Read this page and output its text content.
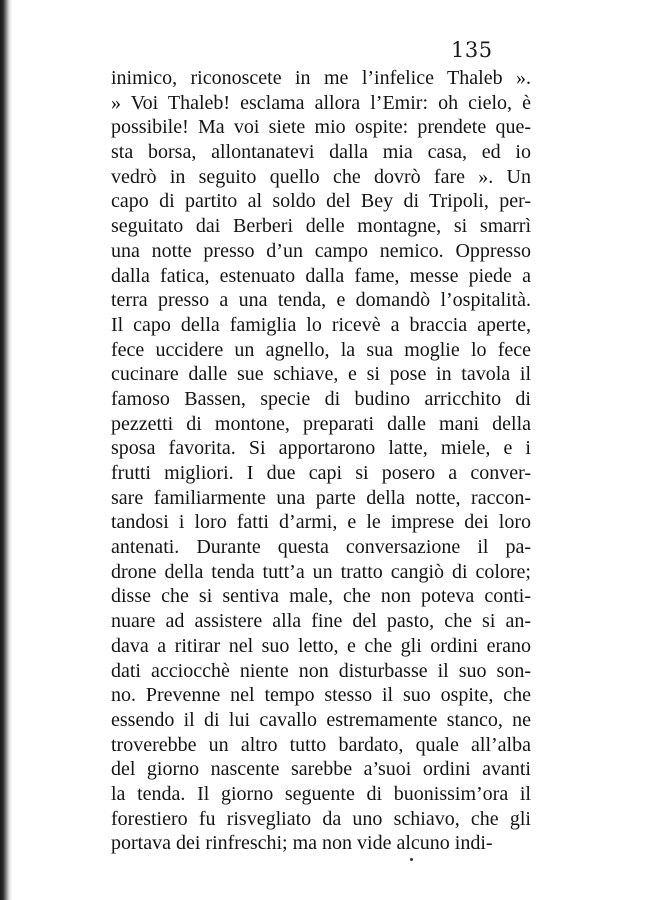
135
inimico, riconoscete in me l’infelice Thaleb ».
» Voi Thaleb! esclama allora l’Emir: oh cielo, è
possibile! Ma voi siete mio ospite: prendete que-
sta borsa, allontanatevi dalla mia casa, ed io
vedrò in seguito quello che dovrò fare ». Un
capo di partito al soldo del Bey di Tripoli, per-
seguitato dai Berberi delle montagne, si smarrì
una notte presso d’un campo nemico. Oppresso
dalla fatica, estenuato dalla fame, messe piede a
terra presso a una tenda, e domandò l’ospitalità.
Il capo della famiglia lo ricevè a braccia aperte,
fece uccidere un agnello, la sua moglie lo fece
cucinare dalle sue schiave, e si pose in tavola il
famoso Bassen, specie di budino arricchito di
pezzetti di montone, preparati dalle mani della
sposa favorita. Si apportarono latte, miele, e i
frutti migliori. I due capi si posero a conver-
sare familiarmente una parte della notte, raccon-
tandosi i loro fatti d’armi, e le imprese dei loro
antenati. Durante questa conversazione il pa-
drone della tenda tutt’a un tratto cangiò di colore;
disse che si sentiva male, che non poteva conti-
nuare ad assistere alla fine del pasto, che si an-
dava a ritirar nel suo letto, e che gli ordini erano
dati acciocchè niente non disturbasse il suo son-
no. Prevenne nel tempo stesso il suo ospite, che
essendo il di lui cavallo estremamente stanco, ne
troverebbe un altro tutto bardato, quale all’alba
del giorno nascente sarebbe a’suoi ordini avanti
la tenda. Il giorno seguente di buonissim’ora il
forestiero fu risvegliato da uno schiavo, che gli
portava dei rinfreschi; ma non vide alcuno indi-
